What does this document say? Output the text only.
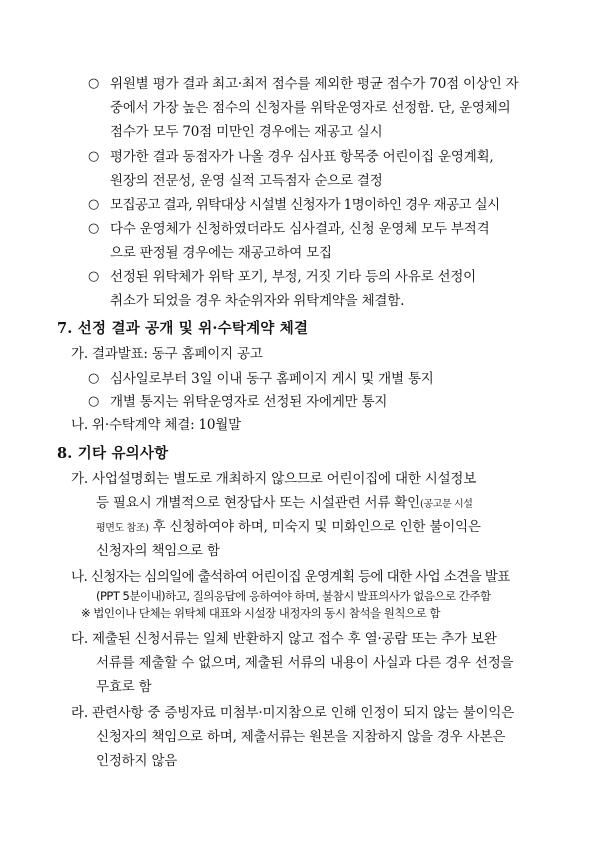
○ 위원별 평가 결과 최고·최저 점수를 제외한 평균 점수가 70점 이상인 자
중에서 가장 높은 점수의 신청자를 위탁운영자로 선정함. 단, 운영체의
점수가 모두 70점 미만인 경우에는 재공고 실시
○ 평가한 결과 동점자가 나올 경우 심사표 항목중 어린이집 운영계획,
원장의 전문성, 운영 실적 고득점자 순으로 결정
○ 모집공고 결과, 위탁대상 시설별 신청자가 1명이하인 경우 재공고 실시
○ 다수 운영체가 신청하였더라도 심사결과, 신청 운영체 모두 부적격
으로 판정될 경우에는 재공고하여 모집
○ 선정된 위탁체가 위탁 포기, 부정, 거짓 기타 등의 사유로 선정이
취소가 되었을 경우 차순위자와 위탁계약을 체결함.
7. 선정 결과 공개 및 위·수탁계약 체결
가. 결과발표: 동구 홈페이지 공고
○ 심사일로부터 3일 이내 동구 홈페이지 게시 및 개별 통지
○ 개별 통지는 위탁운영자로 선정된 자에게만 통지
나. 위·수탁계약 체결: 10월말
8. 기타 유의사항
가. 사업설명회는 별도로 개최하지 않으므로 어린이집에 대한 시설정보
등 필요시 개별적으로 현장답사 또는 시설관련 서류 확인(공고문 시설
평면도 참조) 후 신청하여야 하며, 미숙지 및 미화인으로 인한 불이익은
신청자의 책임으로 함
나. 신청자는 심의일에 출석하여 어린이집 운영계획 등에 대한 사업 소견을 발표
(PPT 5분이내)하고, 질의응답에 응하여야 하며, 불참시 발표의사가 없음으로 간주함
※ 법인이나 단체는 위탁체 대표와 시설장 내정자의 동시 참석을 원칙으로 함
다. 제출된 신청서류는 일체 반환하지 않고 접수 후 열·공람 또는 추가 보완
서류를 제출할 수 없으며, 제출된 서류의 내용이 사실과 다른 경우 선정을
무효로 함
라. 관련사항 중 증빙자료 미첨부·미지참으로 인해 인정이 되지 않는 불이익은
신청자의 책임으로 하며, 제출서류는 원본을 지참하지 않을 경우 사본은
인정하지 않음
